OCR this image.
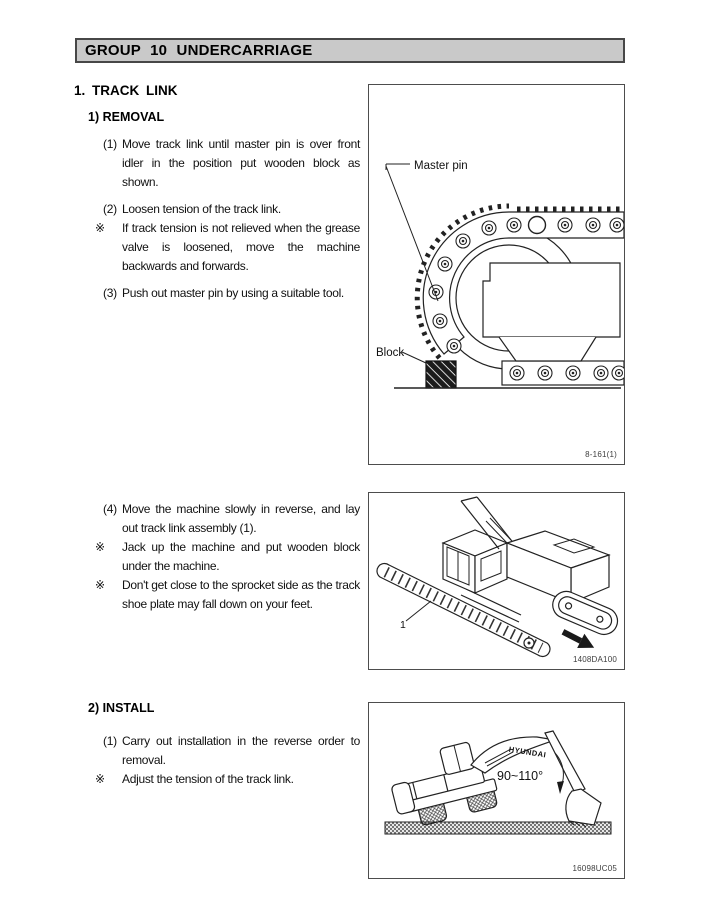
GROUP 10 UNDERCARRIAGE
1. TRACK LINK
1) REMOVAL
(1) Move track link until master pin is over front idler in the position put wooden block as shown.
(2) Loosen tension of the track link.
※	If track tension is not relieved when the grease valve is loosened, move the machine backwards and forwards.
(3) Push out master pin by using a suitable tool.
(4) Move the machine slowly in reverse, and lay out track link assembly (1).
※	Jack up the machine and put wooden block under the machine.
※	Don't get close to the sprocket side as the track shoe plate may fall down on your feet.
2) INSTALL
(1) Carry out installation in the reverse order to removal.
※	Adjust the tension of the track link.
Master pin
Block
8-161(1)
1
1408DA100
90~110°
HYUNDAI
16098UC05
